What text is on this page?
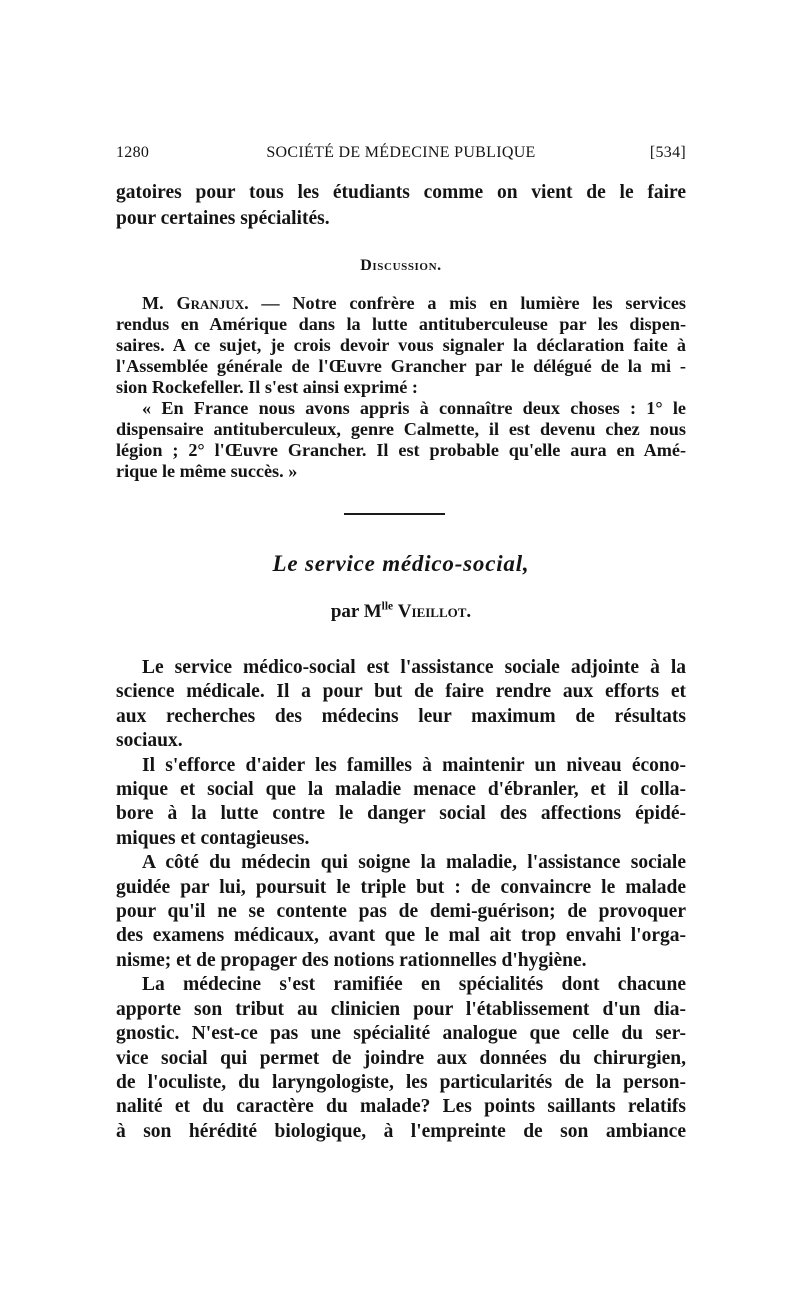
1280	SOCIÉTÉ DE MÉDECINE PUBLIQUE	[534]
gatoires pour tous les étudiants comme on vient de le faire
pour certaines spécialités.
Discussion.
M. Granjux. — Notre confrère a mis en lumière les services
rendus en Amérique dans la lutte antituberculeuse par les dispen-
saires. A ce sujet, je crois devoir vous signaler la déclaration faite à
l'Assemblée générale de l'Œuvre Grancher par le délégué de la mi -
sion Rockefeller. Il s'est ainsi exprimé :
« En France nous avons appris à connaître deux choses : 1° le
dispensaire antituberculeux, genre Calmette, il est devenu chez nous
légion ; 2° l'Œuvre Grancher. Il est probable qu'elle aura en Amé-
rique le même succès. »
Le service médico-social,
par $M^{lle}$ Vieillot.
Le service médico-social est l'assistance sociale adjointe à la
science médicale. Il a pour but de faire rendre aux efforts et
aux recherches des médecins leur maximum de résultats
sociaux.
Il s'efforce d'aider les familles à maintenir un niveau écono-
mique et social que la maladie menace d'ébranler, et il colla-
bore à la lutte contre le danger social des affections épidé-
miques et contagieuses.
A côté du médecin qui soigne la maladie, l'assistance sociale
guidée par lui, poursuit le triple but : de convaincre le malade
pour qu'il ne se contente pas de demi-guérison; de provoquer
des examens médicaux, avant que le mal ait trop envahi l'orga-
nisme; et de propager des notions rationnelles d'hygiène.
La médecine s'est ramifiée en spécialités dont chacune
apporte son tribut au clinicien pour l'établissement d'un dia-
gnostic. N'est-ce pas une spécialité analogue que celle du ser-
vice social qui permet de joindre aux données du chirurgien,
de l'oculiste, du laryngologiste, les particularités de la person-
nalité et du caractère du malade? Les points saillants relatifs
à son hérédité biologique, à l'empreinte de son ambiance
